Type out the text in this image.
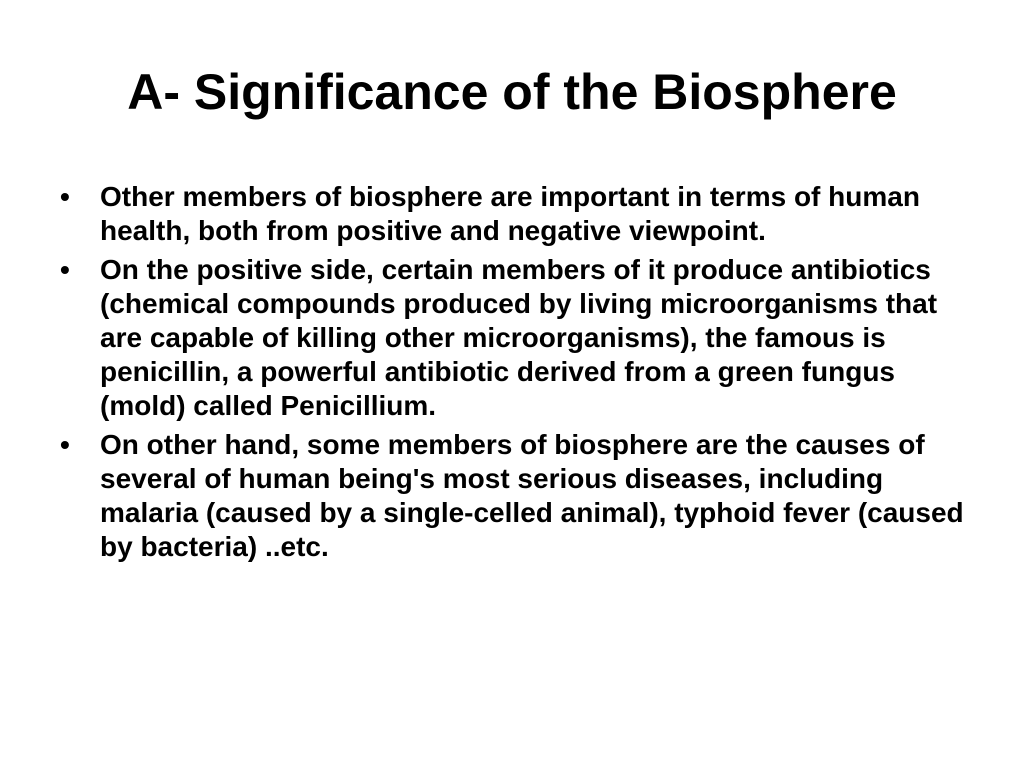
A- Significance of the Biosphere
•	Other members of biosphere are important in terms of human health, both from positive and negative viewpoint.
•	On the positive side, certain members of it produce antibiotics (chemical compounds produced by living microorganisms that are capable of killing other microorganisms), the famous is penicillin, a powerful antibiotic derived from a green fungus (mold) called Penicillium.
•	On other hand, some members of biosphere are the causes of several of human being's most serious diseases, including malaria (caused by a single-celled animal), typhoid fever (caused by bacteria) ..etc.
